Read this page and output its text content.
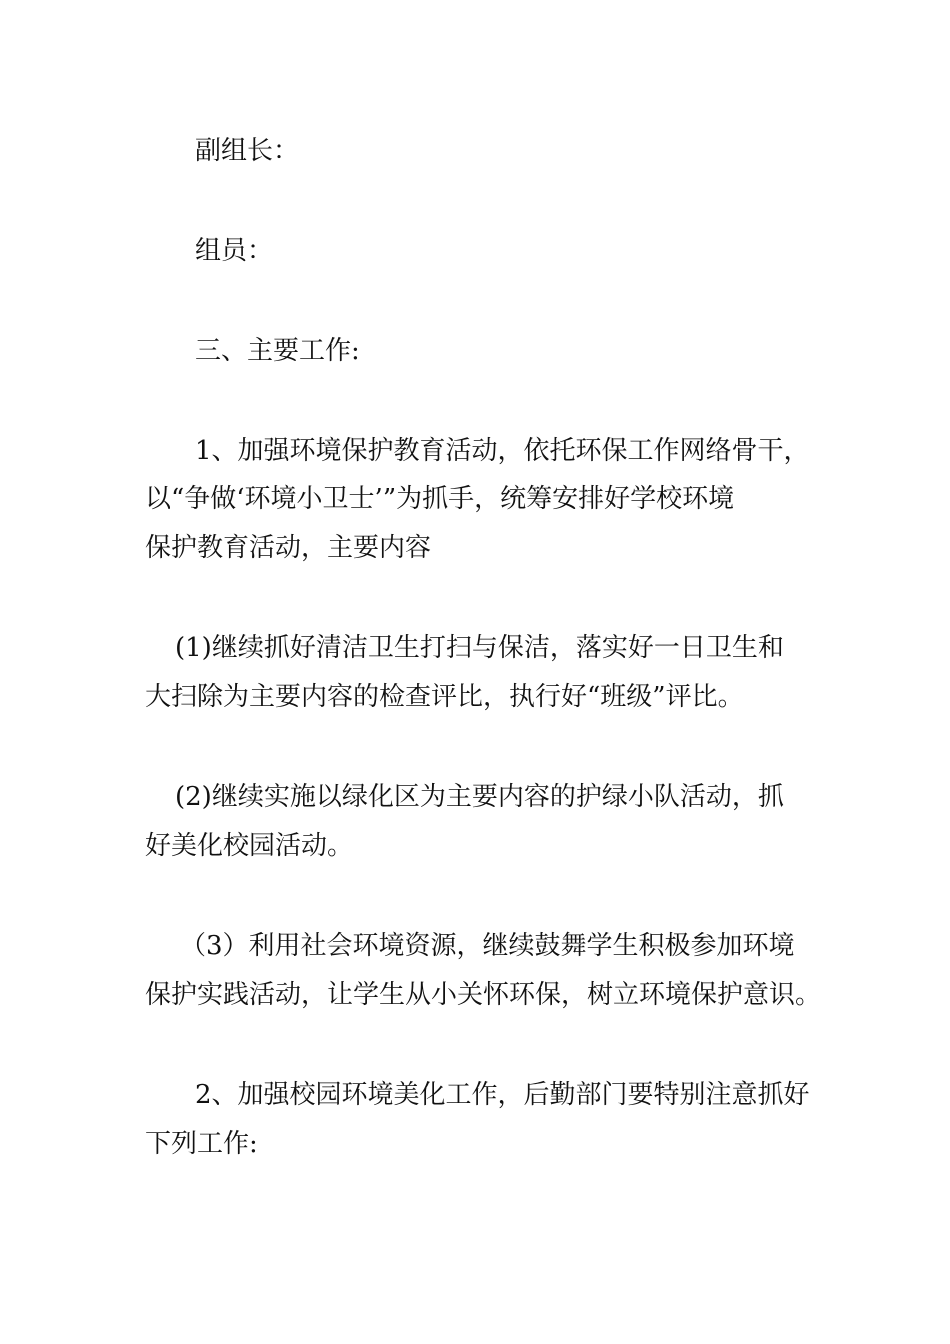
副组长：
组员：
三、主要工作:
1、加强环境保护教育活动，依托环保工作网络骨干，
以“争做‘环境小卫士’”为抓手，统筹安排好学校环境
保护教育活动，主要内容
(1)继续抓好清洁卫生打扫与保洁，落实好一日卫生和
大扫除为主要内容的检查评比，执行好“班级”评比。
(2)继续实施以绿化区为主要内容的护绿小队活动，抓
好美化校园活动。
（3）利用社会环境资源，继续鼓舞学生积极参加环境
保护实践活动，让学生从小关怀环保，树立环境保护意识。
2、加强校园环境美化工作，后勤部门要特别注意抓好
下列工作:
